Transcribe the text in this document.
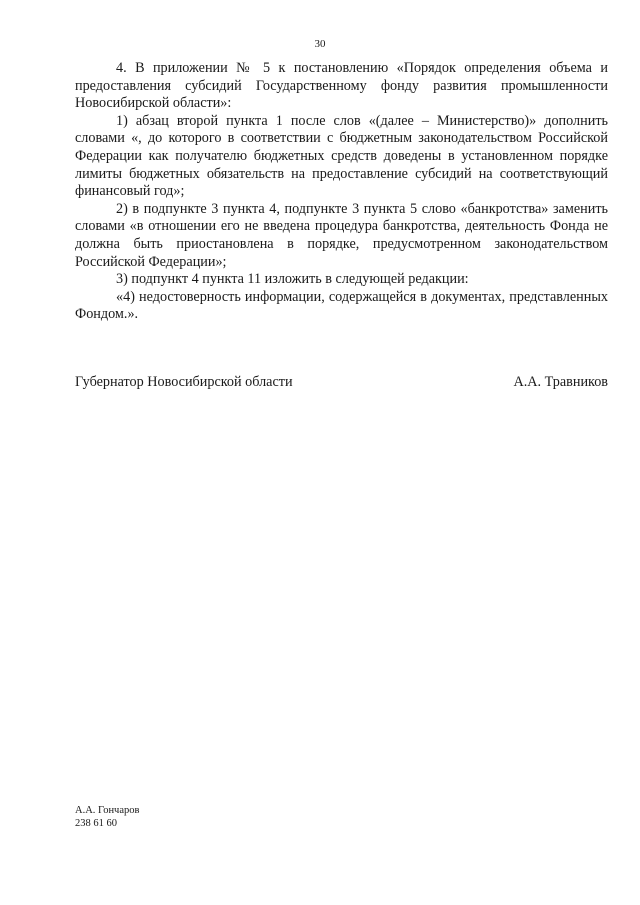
30

4. В приложении № 5 к постановлению «Порядок определения объема и предоставления субсидий Государственному фонду развития промышленности Новосибирской области»:

1) абзац второй пункта 1 после слов «(далее – Министерство)» дополнить словами «, до которого в соответствии с бюджетным законодательством Российской Федерации как получателю бюджетных средств доведены в установленном порядке лимиты бюджетных обязательств на предоставление субсидий на соответствующий финансовый год»;

2) в подпункте 3 пункта 4, подпункте 3 пункта 5 слово «банкротства» заменить словами «в отношении его не введена процедура банкротства, деятельность Фонда не должна быть приостановлена в порядке, предусмотренном законодательством Российской Федерации»;

3) подпункт 4 пункта 11 изложить в следующей редакции:

«4) недостоверность информации, содержащейся в документах, представленных Фондом.».

Губернатор Новосибирской области	А.А. Травников
А.А. Гончаров
238 61 60
